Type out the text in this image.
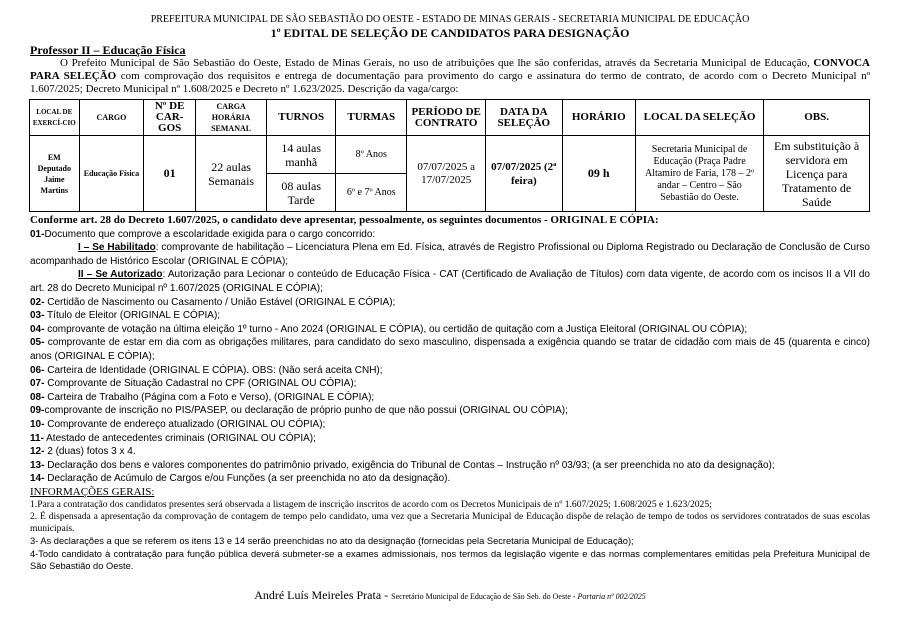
PREFEITURA MUNICIPAL DE SÃO SEBASTIÃO DO OESTE - ESTADO DE MINAS GERAIS - SECRETARIA MUNICIPAL DE EDUCAÇÃO
1º EDITAL DE SELEÇÃO DE CANDIDATOS PARA DESIGNAÇÃO
Professor II – Educação Física
O Prefeito Municipal de São Sebastião do Oeste, Estado de Minas Gerais, no uso de atribuições que lhe são conferidas, através da Secretaria Municipal de Educação, CONVOCA PARA SELEÇÃO com comprovação dos requisitos e entrega de documentação para provimento do cargo e assinatura do termo de contrato, de acordo com o Decreto Municipal nº 1.607/2025; Decreto Municipal nº 1.608/2025 e Decreto nº 1.623/2025. Descrição da vaga/cargo:
LOCAL DE EXERCÍ-CIO	CARGO	Nº DE CAR-GOS	CARGA HORÁRIA SEMANAL	TURNOS	TURMAS	PERÍODO DE CONTRATO	DATA DA SELEÇÃO	HORÁRIO	LOCAL DA SELEÇÃO	OBS.
EM Deputado Jaime Martins	Educação Física	01	22 aulas Semanais	14 aulas manhã	8º Anos	07/07/2025 a 17/07/2025	07/07/2025 (2ª feira)	09 h	Secretaria Municipal de Educação (Praça Padre Altamiro de Faria, 178 – 2º andar – Centro – São Sebastião do Oeste.	Em substituição à servidora em Licença para Tratamento de Saúde
				08 aulas Tarde	6º e 7º Anos					

Conforme art. 28 do Decreto 1.607/2025, o candidato deve apresentar, pessoalmente, os seguintes documentos - ORIGINAL E CÓPIA:

01-Documento que comprove a escolaridade exigida para o cargo concorrido:

I – Se Habilitado: comprovante de habilitação – Licenciatura Plena em Ed. Física, através de Registro Profissional ou Diploma Registrado ou Declaração de Conclusão de Curso acompanhado de Histórico Escolar (ORIGINAL E CÓPIA);

II – Se Autorizado: Autorização para Lecionar o conteúdo de Educação Física - CAT (Certificado de Avaliação de Títulos) com data vigente, de acordo com os incisos II a VII do art. 28 do Decreto Municipal nº 1.607/2025 (ORIGINAL E CÓPIA);

02- Certidão de Nascimento ou Casamento / União Estável (ORIGINAL E CÓPIA);

03- Título de Eleitor (ORIGINAL E CÓPIA);

04- comprovante de votação na última eleição 1º turno - Ano 2024 (ORIGINAL E CÓPIA), ou certidão de quitação com a Justiça Eleitoral (ORIGINAL OU CÓPIA);

05- comprovante de estar em dia com as obrigações militares, para candidato do sexo masculino, dispensada a exigência quando se tratar de cidadão com mais de 45 (quarenta e cinco) anos (ORIGINAL E CÓPIA);

06- Carteira de Identidade (ORIGINAL E CÓPIA). OBS: (Não será aceita CNH);

07- Comprovante de Situação Cadastral no CPF (ORIGINAL OU CÓPIA);

08- Carteira de Trabalho (Página com a Foto e Verso), (ORIGINAL E CÓPIA);

09-comprovante de inscrição no PIS/PASEP, ou declaração de próprio punho de que não possui (ORIGINAL OU CÓPIA);

10- Comprovante de endereço atualizado (ORIGINAL OU CÓPIA);

11- Atestado de antecedentes criminais (ORIGINAL OU CÓPIA);

12- 2 (duas) fotos 3 x 4.

13- Declaração dos bens e valores componentes do patrimônio privado, exigência do Tribunal de Contas – Instrução nº 03/93; (a ser preenchida no ato da designação);

14- Declaração de Acúmulo de Cargos e/ou Funções (a ser preenchida no ato da designação).

INFORMAÇÕES GERAIS:

1.Para a contratação dos candidatos presentes será observada a listagem de inscrição inscritos de acordo com os Decretos Municipais de nº 1.607/2025; 1.608/2025 e 1.623/2025;

2. É dispensada a apresentação da comprovação de contagem de tempo pelo candidato, uma vez que a Secretaria Municipal de Educação dispõe de relação de tempo de todos os servidores contratados de suas escolas municipais.

3- As declarações a que se referem os itens 13 e 14 serão preenchidas no ato da designação (fornecidas pela Secretaria Municipal de Educação);

4-Todo candidato à contratação para função pública deverá submeter-se a exames admissionais, nos termos da legislação vigente e das normas complementares emitidas pela Prefeitura Municipal de São Sebastião do Oeste.

André Luís Meireles Prata - Secretário Municipal de Educação de São Seb. do Oeste - Portaria nº 002/2025
